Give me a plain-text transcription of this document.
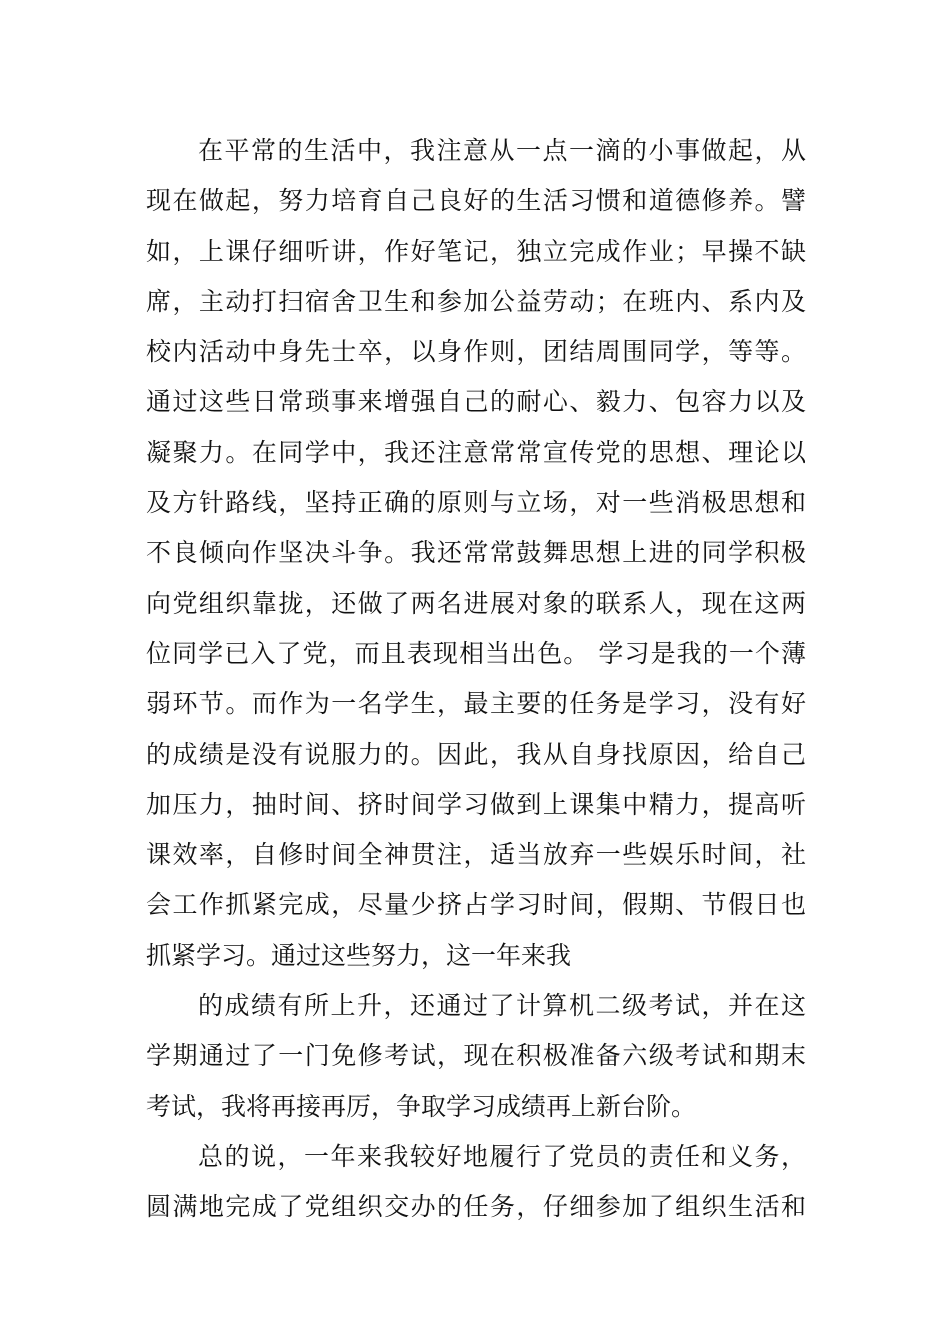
在平常的生活中，我注意从一点一滴的小事做起，从
现在做起，努力培育自己良好的生活习惯和道德修养。譬
如，上课仔细听讲，作好笔记，独立完成作业；早操不缺
席，主动打扫宿舍卫生和参加公益劳动；在班内、系内及
校内活动中身先士卒，以身作则，团结周围同学，等等。
通过这些日常琐事来增强自己的耐心、毅力、包容力以及
凝聚力。在同学中，我还注意常常宣传党的思想、理论以
及方针路线，坚持正确的原则与立场，对一些消极思想和
不良倾向作坚决斗争。我还常常鼓舞思想上进的同学积极
向党组织靠拢，还做了两名进展对象的联系人，现在这两
位同学已入了党，而且表现相当出色。 学习是我的一个薄
弱环节。而作为一名学生，最主要的任务是学习，没有好
的成绩是没有说服力的。因此，我从自身找原因，给自己
加压力，抽时间、挤时间学习做到上课集中精力，提高听
课效率，自修时间全神贯注，适当放弃一些娱乐时间，社
会工作抓紧完成，尽量少挤占学习时间，假期、节假日也
抓紧学习。通过这些努力，这一年来我
的成绩有所上升，还通过了计算机二级考试，并在这
学期通过了一门免修考试，现在积极准备六级考试和期末
考试，我将再接再厉，争取学习成绩再上新台阶。
总的说，一年来我较好地履行了党员的责任和义务，
圆满地完成了党组织交办的任务，仔细参加了组织生活和
